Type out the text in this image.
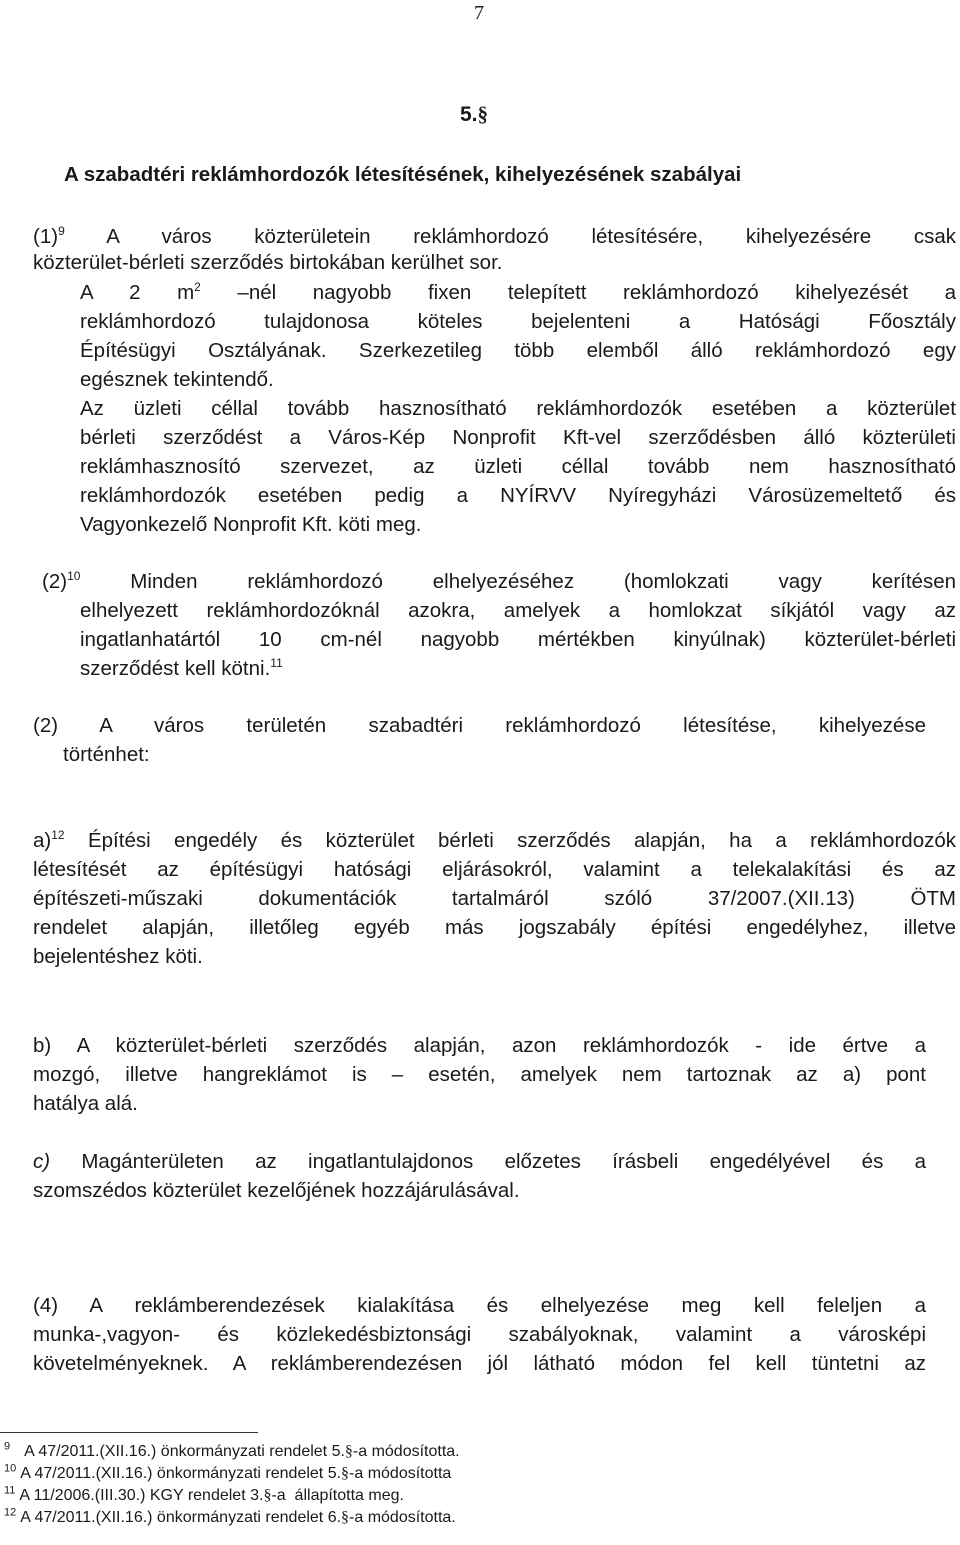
7
5.§
A szabadtéri reklámhordozók létesítésének, kihelyezésének szabályai
$(1)^9$ A város közterületein reklámhordozó létesítésére, kihelyezésére csak
közterület-bérleti szerződés birtokában kerülhet sor.
A 2 $m^2$ –nél nagyobb fixen telepített reklámhordozó kihelyezését a
reklámhordozó tulajdonosa köteles bejelenteni a Hatósági Főosztály
Építésügyi Osztályának. Szerkezetileg több elemből álló reklámhordozó egy
egésznek tekintendő.
Az üzleti céllal tovább hasznosítható reklámhordozók esetében a közterület
bérleti szerződést a Város-Kép Nonprofit Kft-vel szerződésben álló közterületi
reklámhasznosító szervezet, az üzleti céllal tovább nem hasznosítható
reklámhordozók esetében pedig a NYÍRVV Nyíregyházi Városüzemeltető és
Vagyonkezelő Nonprofit Kft. köti meg.
$(2)^{10}$ Minden reklámhordozó elhelyezéséhez (homlokzati vagy kerítésen
elhelyezett reklámhordozóknál azokra, amelyek a homlokzat síkjától vagy az
ingatlanhatártól 10 cm-nél nagyobb mértékben kinyúlnak) közterület-bérleti
szerződést kell kötni.$^{11}$
(2) A város területén szabadtéri reklámhordozó létesítése, kihelyezése
történhet:
a)$^{12}$ Építési engedély és közterület bérleti szerződés alapján, ha a reklámhordozók
létesítését az építésügyi hatósági eljárásokról, valamint a telekalakítási és az
építészeti-műszaki dokumentációk tartalmáról szóló 37/2007.(XII.13) ÖTM
rendelet alapján, illetőleg egyéb más jogszabály építési engedélyhez, illetve
bejelentéshez köti.
b) A közterület-bérleti szerződés alapján, azon reklámhordozók - ide értve a
mozgó, illetve hangreklámot is – esetén, amelyek nem tartoznak az a) pont
hatálya alá.
c) Magánterületen az ingatlantulajdonos előzetes írásbeli engedélyével és a
szomszédos közterület kezelőjének hozzájárulásával.
(4) A reklámberendezések kialakítása és elhelyezése meg kell feleljen a
munka-,vagyon- és közlekedésbiztonsági szabályoknak, valamint a városképi
követelményeknek. A reklámberendezésen jól látható módon fel kell tüntetni az
$^9$ A 47/2011.(XII.16.) önkormányzati rendelet 5.§-a módosította.
$^{10}$ A 47/2011.(XII.16.) önkormányzati rendelet 5.§-a módosította
$^{11}$ A 11/2006.(III.30.) KGY rendelet 3.§-a  állapította meg.
$^{12}$ A 47/2011.(XII.16.) önkormányzati rendelet 6.§-a módosította.
